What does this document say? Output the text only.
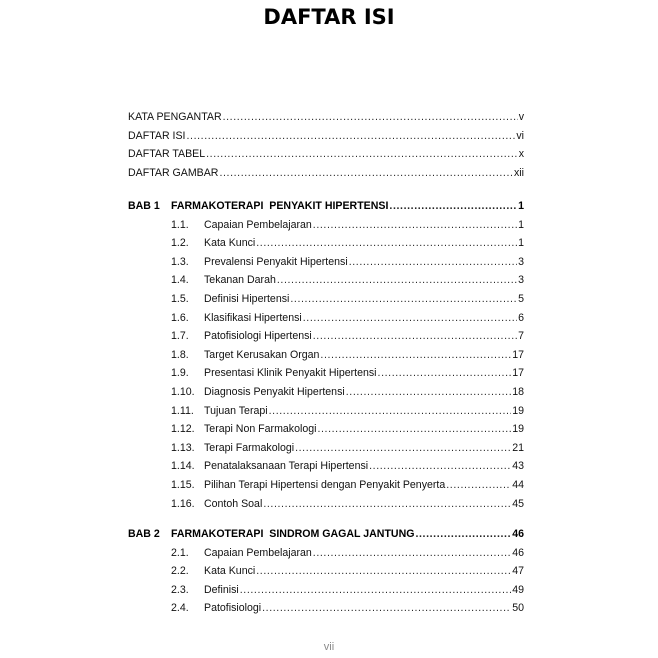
DAFTAR ISI
KATA PENGANTAR .....	v
DAFTAR ISI .....	vi
DAFTAR TABEL .....	x
DAFTAR GAMBAR .....	xii
BAB 1	FARMAKOTERAPI  PENYAKIT HIPERTENSI .....	1
1.1.	Capaian Pembelajaran .....	1
1.2.	Kata Kunci .....	1
1.3.	Prevalensi Penyakit Hipertensi .....	3
1.4.	Tekanan Darah .....	3
1.5.	Definisi Hipertensi .....	5
1.6.	Klasifikasi Hipertensi .....	6
1.7.	Patofisiologi Hipertensi .....	7
1.8.	Target Kerusakan Organ .....	17
1.9.	Presentasi Klinik Penyakit Hipertensi .....	17
1.10. Diagnosis Penyakit Hipertensi .....	18
1.11. Tujuan Terapi .....	19
1.12. Terapi Non Farmakologi .....	19
1.13. Terapi Farmakologi .....	21
1.14. Penatalaksanaan Terapi Hipertensi .....	43
1.15. Pilihan Terapi Hipertensi dengan Penyakit Penyerta .....	44
1.16. Contoh Soal .....	45
BAB 2	FARMAKOTERAPI  SINDROM GAGAL JANTUNG .....	46
2.1.	Capaian Pembelajaran .....	46
2.2.	Kata Kunci .....	47
2.3.	Definisi .....	49
2.4.	Patofisiologi .....	50
vii
